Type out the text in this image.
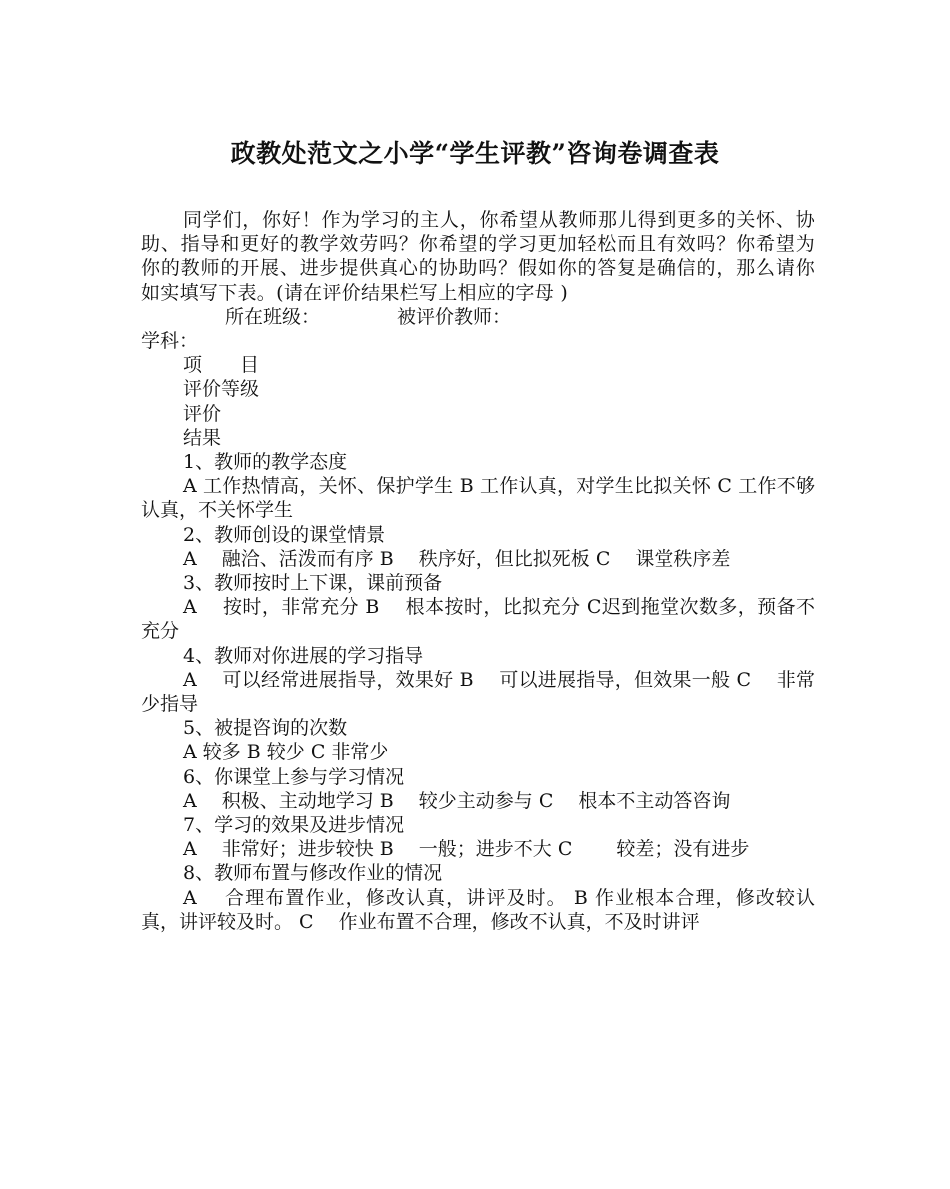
政教处范文之小学“学生评教”咨询卷调查表

同学们，你好！作为学习的主人，你希望从教师那儿得到更多的关怀、协助、指导和更好的教学效劳吗？你希望的学习更加轻松而且有效吗？你希望为你的教师的开展、进步提供真心的协助吗？假如你的答复是确信的，那么请你如实填写下表。(请在评价结果栏写上相应的字母 )

所在班级：	被评价教师：

学科：

项　　目

评价等级

评价

结果

1、教师的教学态度

A 工作热情高，关怀、保护学生 B 工作认真，对学生比拟关怀 C 工作不够认真，不关怀学生

2、教师创设的课堂情景

A　 融洽、活泼而有序 B　 秩序好，但比拟死板 C　 课堂秩序差

3、教师按时上下课，课前预备

A　 按时，非常充分 B　 根本按时，比拟充分 C迟到拖堂次数多，预备不充分

4、教师对你进展的学习指导

A　 可以经常进展指导，效果好 B　 可以进展指导，但效果一般 C　 非常少指导

5、被提咨询的次数

A 较多 B 较少 C 非常少

6、你课堂上参与学习情况

A　 积极、主动地学习 B　 较少主动参与 C　 根本不主动答咨询

7、学习的效果及进步情况

A　 非常好；进步较快 B　 一般；进步不大 C　　 较差；没有进步

8、教师布置与修改作业的情况

A　 合理布置作业，修改认真，讲评及时。 B 作业根本合理，修改较认真，讲评较及时。 C　 作业布置不合理，修改不认真，不及时讲评
